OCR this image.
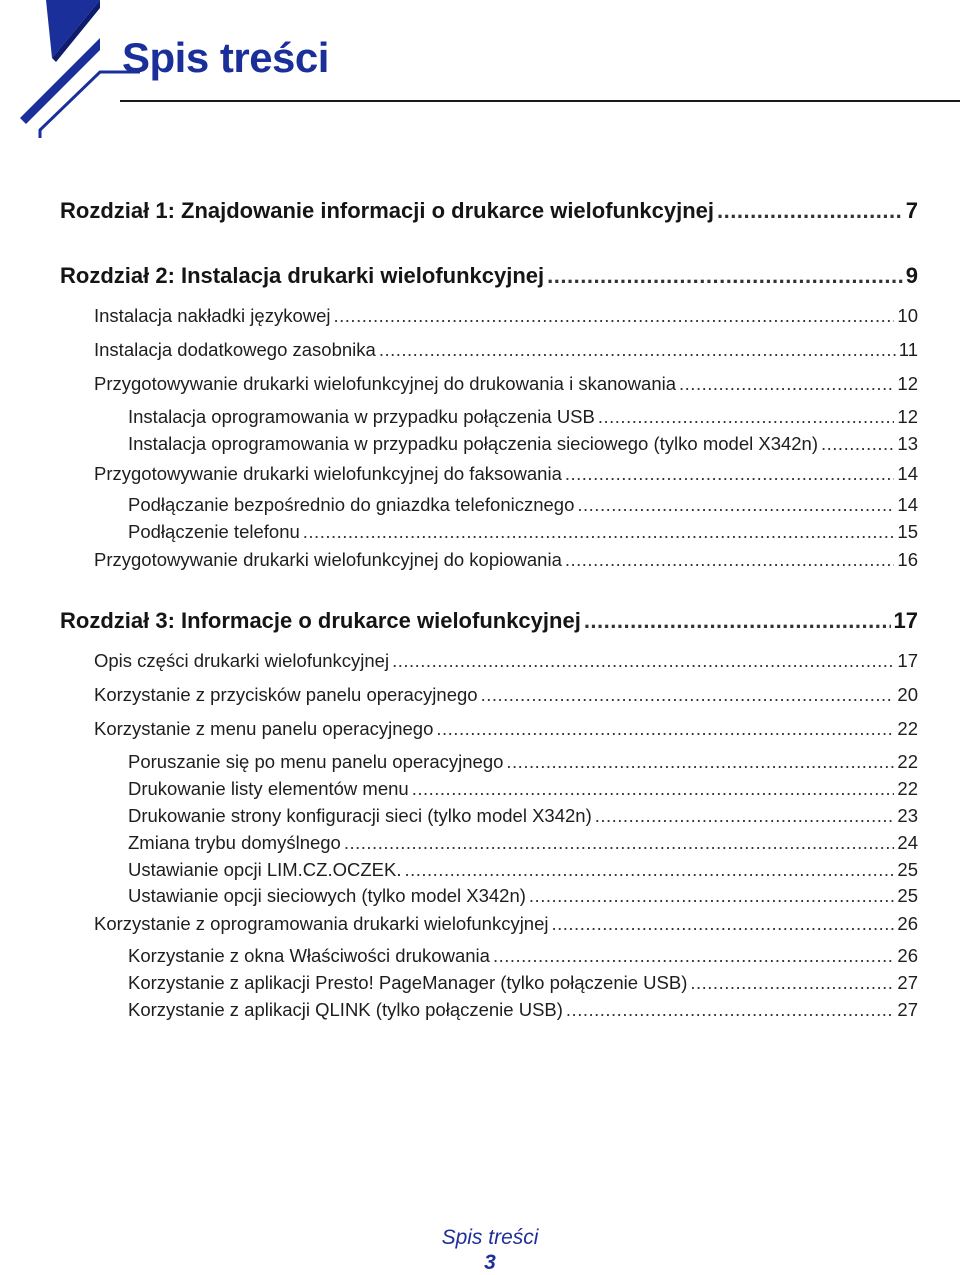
Spis treści
Rozdział 1: Znajdowanie informacji o drukarce wielofunkcyjnej .....	7
Rozdział 2: Instalacja drukarki wielofunkcyjnej .....	9
Instalacja nakładki językowej .....	10
Instalacja dodatkowego zasobnika .....	11
Przygotowywanie drukarki wielofunkcyjnej do drukowania i skanowania .....	12
Instalacja oprogramowania w przypadku połączenia USB .....	12
Instalacja oprogramowania w przypadku połączenia sieciowego (tylko model X342n) .....	13
Przygotowywanie drukarki wielofunkcyjnej do faksowania .....	14
Podłączanie bezpośrednio do gniazdka telefonicznego .....	14
Podłączenie telefonu .....	15
Przygotowywanie drukarki wielofunkcyjnej do kopiowania .....	16
Rozdział 3: Informacje o drukarce wielofunkcyjnej .....	17
Opis części drukarki wielofunkcyjnej .....	17
Korzystanie z przycisków panelu operacyjnego .....	20
Korzystanie z menu panelu operacyjnego .....	22
Poruszanie się po menu panelu operacyjnego .....	22
Drukowanie listy elementów menu .....	22
Drukowanie strony konfiguracji sieci (tylko model X342n) .....	23
Zmiana trybu domyślnego .....	24
Ustawianie opcji LIM.CZ.OCZEK. .....	25
Ustawianie opcji sieciowych (tylko model X342n) .....	25
Korzystanie z oprogramowania drukarki wielofunkcyjnej .....	26
Korzystanie z okna Właściwości drukowania .....	26
Korzystanie z aplikacji Presto! PageManager (tylko połączenie USB) .....	27
Korzystanie z aplikacji QLINK (tylko połączenie USB) .....	27
Spis treści
3
